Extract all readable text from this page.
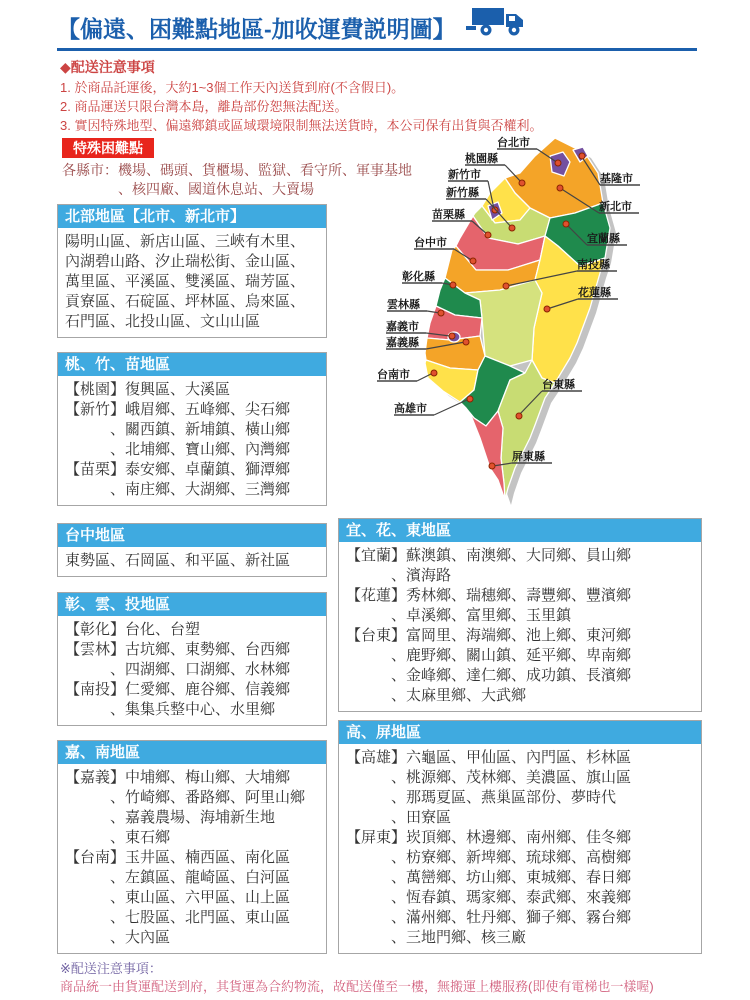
【偏遠、困難點地區-加收運費説明圖】
◆配送注意事項
1. 於商品託運後，大約1~3個工作天內送貨到府(不含假日)。
2. 商品運送只限台灣本島，離島部份恕無法配送。
3. 實因特殊地型、偏遠鄉鎮或區域環境限制無法送貨時，本公司保有出貨與否權利。
特殊困難點
各縣市：機場、碼頭、貨櫃場、監獄、看守所、軍事基地
　　　　、核四廠、國道休息站、大賣場
北部地區【北市、新北市】
陽明山區、新店山區、三峽有木里、
內湖碧山路、汐止瑞松街、金山區、
萬里區、平溪區、雙溪區、瑞芳區、
貢寮區、石碇區、坪林區、烏來區、
石門區、北投山區、文山山區
桃、竹、苗地區
【桃園】復興區、大溪區
【新竹】峨眉鄉、五峰鄉、尖石鄉
　　　、關西鎮、新埔鎮、橫山鄉
　　　、北埔鄉、寶山鄉、內灣鄉
【苗栗】泰安鄉、卓蘭鎮、獅潭鄉
　　　、南庄鄉、大湖鄉、三灣鄉
台中地區
東勢區、石岡區、和平區、新社區
彰、雲、投地區
【彰化】台化、台塑
【雲林】古坑鄉、東勢鄉、台西鄉
　　　、四湖鄉、口湖鄉、水林鄉
【南投】仁愛鄉、鹿谷鄉、信義鄉
　　　、集集兵整中心、水里鄉
嘉、南地區
【嘉義】中埔鄉、梅山鄉、大埔鄉
　　　、竹崎鄉、番路鄉、阿里山鄉
　　　、嘉義農場、海埔新生地
　　　、東石鄉
【台南】玉井區、楠西區、南化區
　　　、左鎮區、龍崎區、白河區
　　　、東山區、六甲區、山上區
　　　、七股區、北門區、東山區
　　　、大內區
宜、花、東地區
【宜蘭】蘇澳鎮、南澳鄉、大同鄉、員山鄉
　　　、濱海路
【花蓮】秀林鄉、瑞穗鄉、壽豐鄉、豐濱鄉
　　　、卓溪鄉、富里鄉、玉里鎮
【台東】富岡里、海端鄉、池上鄉、東河鄉
　　　、鹿野鄉、關山鎮、延平鄉、卑南鄉
　　　、金峰鄉、達仁鄉、成功鎮、長濱鄉
　　　、太麻里鄉、大武鄉
高、屏地區
【高雄】六龜區、甲仙區、內門區、杉林區
　　　、桃源鄉、茂林鄉、美濃區、旗山區
　　　、那瑪夏區、燕巢區部份、夢時代
　　　、田寮區
【屏東】崁頂鄉、林邊鄉、南州鄉、佳冬鄉
　　　、枋寮鄉、新埤鄉、琉球鄉、高樹鄉
　　　、萬巒鄉、坊山鄉、東城鄉、春日鄉
　　　、恆春鎮、瑪家鄉、泰武鄉、來義鄉
　　　、滿州鄉、牡丹鄉、獅子鄉、霧台鄉
　　　、三地門鄉、核三廠
台北市
桃園縣
基隆市
新竹市
新竹縣
新北市
苗栗縣
台中市	宜蘭縣
南投縣
彰化縣
花蓮縣
雲林縣
嘉義市
嘉義縣
台南市
台東縣
高雄市
屏東縣
※配送注意事項：
商品統一由貨運配送到府，其貨運為合約物流，故配送僅至一樓，無搬運上樓服務(即使有電梯也一樣喔)
